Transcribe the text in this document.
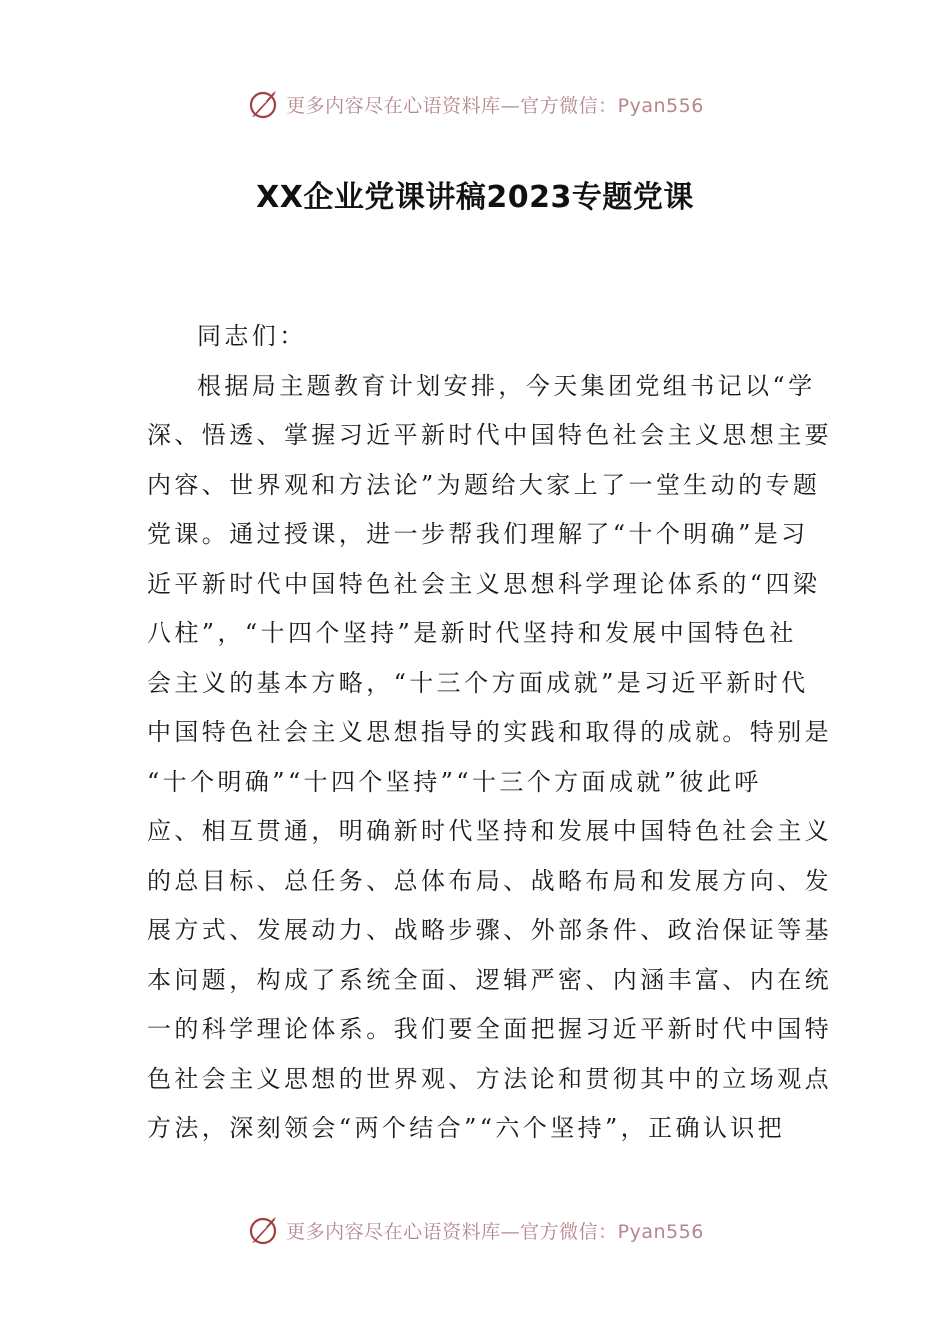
更多内容尽在心语资料库—官方微信：Pyan556
XX企业党课讲稿2023专题党课

同志们：

根据局主题教育计划安排，今天集团党组书记以“学
深、悟透、掌握习近平新时代中国特色社会主义思想主要
内容、世界观和方法论”为题给大家上了一堂生动的专题
党课。通过授课，进一步帮我们理解了“十个明确”是习
近平新时代中国特色社会主义思想科学理论体系的“四梁
八柱”，“十四个坚持”是新时代坚持和发展中国特色社
会主义的基本方略，“十三个方面成就”是习近平新时代
中国特色社会主义思想指导的实践和取得的成就。特别是
“十个明确”“十四个坚持”“十三个方面成就”彼此呼
应、相互贯通，明确新时代坚持和发展中国特色社会主义
的总目标、总任务、总体布局、战略布局和发展方向、发
展方式、发展动力、战略步骤、外部条件、政治保证等基
本问题，构成了系统全面、逻辑严密、内涵丰富、内在统
一的科学理论体系。我们要全面把握习近平新时代中国特
色社会主义思想的世界观、方法论和贯彻其中的立场观点
方法，深刻领会“两个结合”“六个坚持”，正确认识把
更多内容尽在心语资料库—官方微信：Pyan556
